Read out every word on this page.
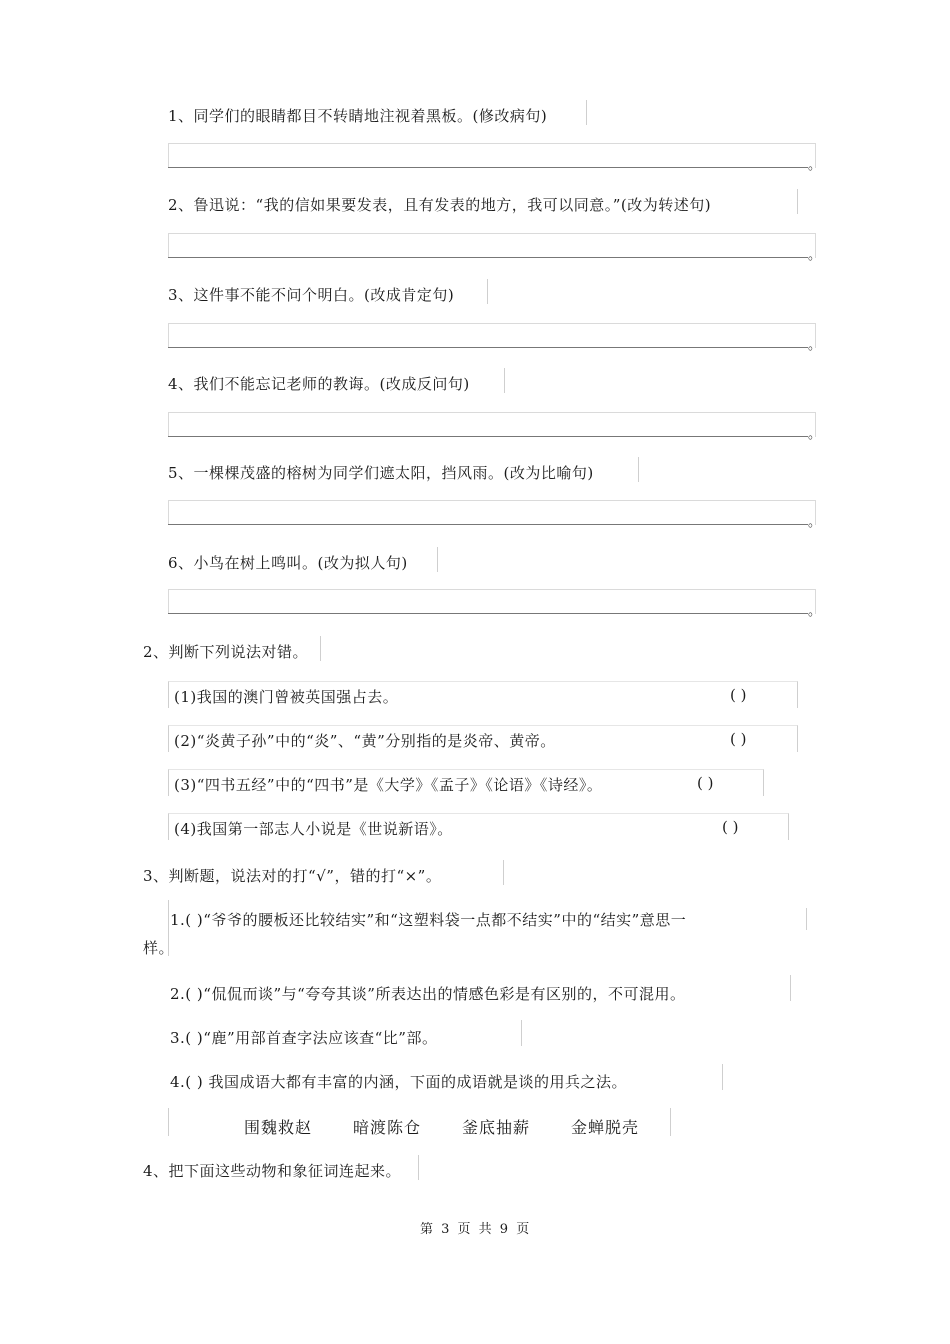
1、同学们的眼睛都目不转睛地注视着黑板。(修改病句)
。
2、鲁迅说：“我的信如果要发表，且有发表的地方，我可以同意。”(改为转述句)
。
3、这件事不能不问个明白。(改成肯定句)
。
4、我们不能忘记老师的教诲。(改成反问句)
。
5、一棵棵茂盛的榕树为同学们遮太阳，挡风雨。(改为比喻句)
。
6、小鸟在树上鸣叫。(改为拟人句)
。
2、判断下列说法对错。
(1)我国的澳门曾被英国强占去。	( )
(2)“炎黄子孙”中的“炎”、“黄”分别指的是炎帝、黄帝。	( )
(3)“四书五经”中的“四书”是《大学》《孟子》《论语》《诗经》。	( )
(4)我国第一部志人小说是《世说新语》。	( )
3、判断题，说法对的打“√”，错的打“×”。
1.( )“爷爷的腰板还比较结实”和“这塑料袋一点都不结实”中的“结实”意思一
样。
2.( )“侃侃而谈”与“夸夸其谈”所表达出的情感色彩是有区别的，不可混用。
3.( )“鹿”用部首查字法应该查“比”部。
4.( ) 我国成语大都有丰富的内涵，下面的成语就是谈的用兵之法。
围魏救赵	暗渡陈仓	釜底抽薪	金蝉脱壳
4、把下面这些动物和象征词连起来。
第 3 页 共 9 页
